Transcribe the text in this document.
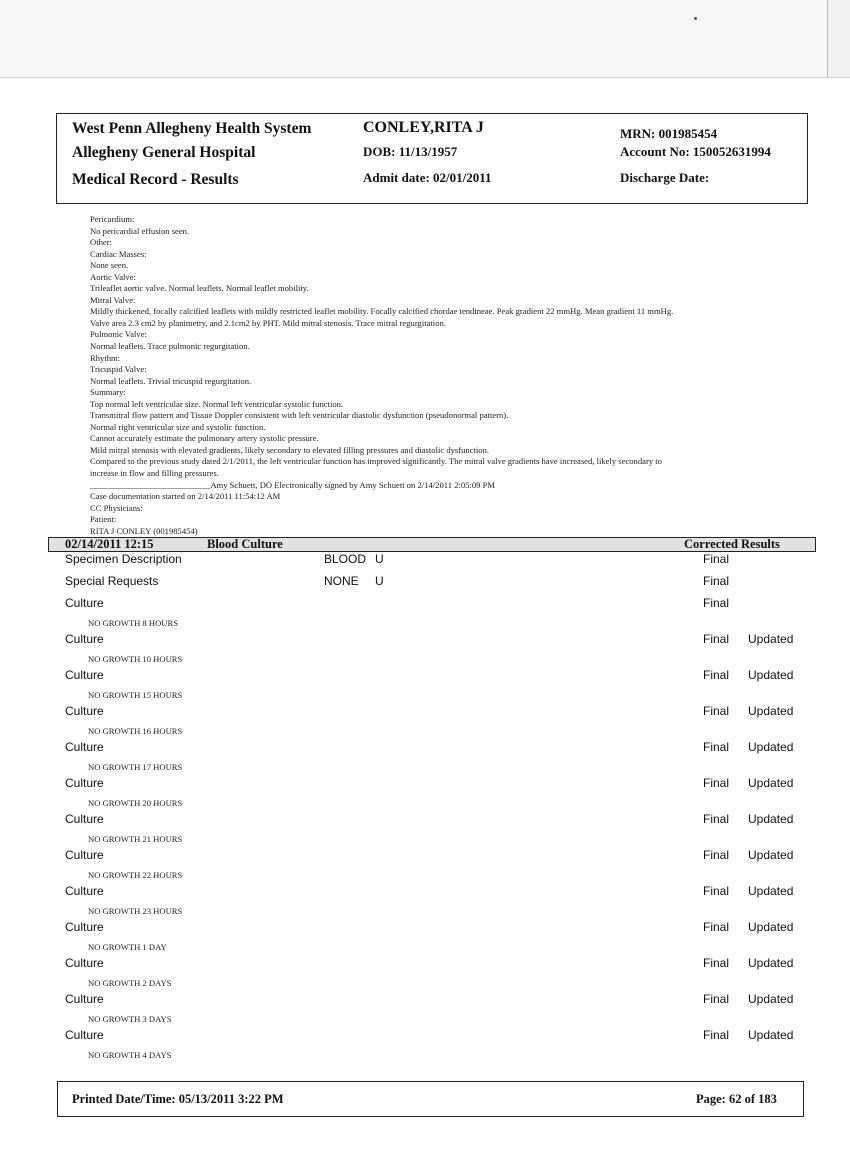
West Penn Allegheny Health System
Allegheny General Hospital
Medical Record - Results
CONLEY,RITA J
DOB: 11/13/1957
Admit date: 02/01/2011
MRN: 001985454
Account No: 150052631994
Discharge Date:
Pericardium:
No pericardial effusion seen.
Other:
Cardiac Masses:
None seen.
Aortic Valve:
Trileaflet aortic valve. Normal leaflets. Normal leaflet mobility.
Mitral Valve:
Mildly thickened, focally calcified leaflets with mildly restricted leaflet mobility. Focally calcified chordae tendineae. Peak gradient 22 mmHg. Mean gradient 11 mmHg.
Valve area 2.3 cm2 by planimetry, and 2.1cm2 by PHT. Mild mitral stenosis. Trace mitral regurgitation.
Pulmonic Valve:
Normal leaflets. Trace pulmonic regurgitation.
Rhythm:
Tricuspid Valve:
Normal leaflets. Trivial tricuspid regurgitation.
Summary:
Top normal left ventricular size. Normal left ventricular systolic function.
Transmitral flow pattern and Tissue Doppler consistent with left ventricular diastolic dysfunction (pseudonormal pattern).
Normal right ventricular size and systolic function.
Cannot accurately estimate the pulmonary artery systolic pressure.
Mild mitral stenosis with elevated gradients, likely secondary to elevated filling pressures and diastolic dysfunction.
Compared to the previous study dated 2/1/2011, the left ventricular function has improved significantly. The mitral valve gradients have increased, likely secondary to
increase in flow and filling pressures.
____________________________Amy Schuett, DO Electronically signed by Amy Schuett on 2/14/2011 2:05:09 PM
Case documentation started on 2/14/2011 11:54:12 AM
CC Physicians:
Patient:
RITA J CONLEY (001985454)
02/14/2011 12:15	Blood Culture	Corrected Results
Specimen Description	BLOOD U	Final
Special Requests	NONE U	Final
Culture	Final
NO GROWTH 8 HOURS
Culture	Final Updated
NO GROWTH 10 HOURS
Culture	Final Updated
NO GROWTH 15 HOURS
Culture	Final Updated
NO GROWTH 16 HOURS
Culture	Final Updated
NO GROWTH 17 HOURS
Culture	Final Updated
NO GROWTH 20 HOURS
Culture	Final Updated
NO GROWTH 21 HOURS
Culture	Final Updated
NO GROWTH 22 HOURS
Culture	Final Updated
NO GROWTH 23 HOURS
Culture	Final Updated
NO GROWTH 1 DAY
Culture	Final Updated
NO GROWTH 2 DAYS
Culture	Final Updated
NO GROWTH 3 DAYS
Culture	Final Updated
NO GROWTH 4 DAYS
Printed Date/Time: 05/13/2011 3:22 PM	Page: 62 of 183
